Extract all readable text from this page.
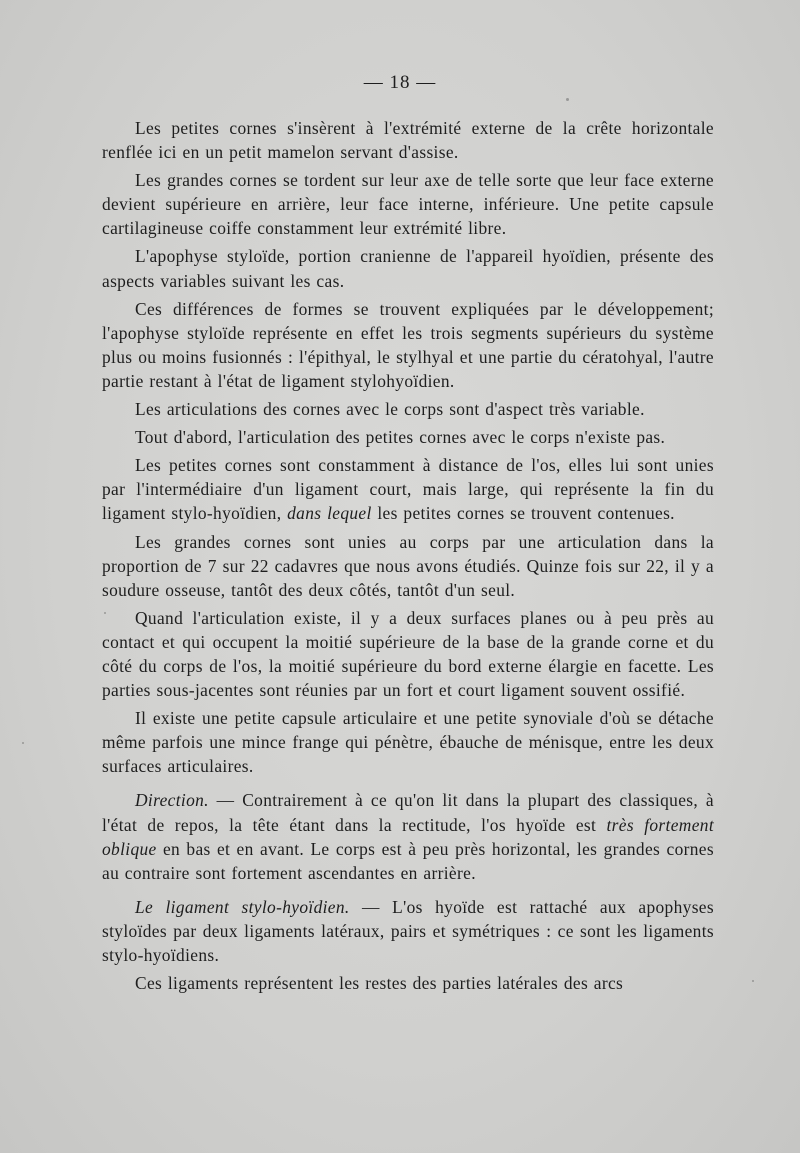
— 18 —

Les petites cornes s'insèrent à l'extrémité externe de la crête horizontale renflée ici en un petit mamelon servant d'assise.

Les grandes cornes se tordent sur leur axe de telle sorte que leur face externe devient supérieure en arrière, leur face interne, inférieure. Une petite capsule cartilagineuse coiffe constamment leur extrémité libre.

L'apophyse styloïde, portion cranienne de l'appareil hyoïdien, présente des aspects variables suivant les cas.

Ces différences de formes se trouvent expliquées par le développement; l'apophyse styloïde représente en effet les trois segments supérieurs du système plus ou moins fusionnés : l'épithyal, le stylhyal et une partie du cératohyal, l'autre partie restant à l'état de ligament stylohyoïdien.

Les articulations des cornes avec le corps sont d'aspect très variable.

Tout d'abord, l'articulation des petites cornes avec le corps n'existe pas.

Les petites cornes sont constamment à distance de l'os, elles lui sont unies par l'intermédiaire d'un ligament court, mais large, qui représente la fin du ligament stylo-hyoïdien, dans lequel les petites cornes se trouvent contenues.

Les grandes cornes sont unies au corps par une articulation dans la proportion de 7 sur 22 cadavres que nous avons étudiés. Quinze fois sur 22, il y a soudure osseuse, tantôt des deux côtés, tantôt d'un seul.

Quand l'articulation existe, il y a deux surfaces planes ou à peu près au contact et qui occupent la moitié supérieure de la base de la grande corne et du côté du corps de l'os, la moitié supérieure du bord externe élargie en facette. Les parties sous-jacentes sont réunies par un fort et court ligament souvent ossifié.

Il existe une petite capsule articulaire et une petite synoviale d'où se détache même parfois une mince frange qui pénètre, ébauche de ménisque, entre les deux surfaces articulaires.

Direction. — Contrairement à ce qu'on lit dans la plupart des classiques, à l'état de repos, la tête étant dans la rectitude, l'os hyoïde est très fortement oblique en bas et en avant. Le corps est à peu près horizontal, les grandes cornes au contraire sont fortement ascendantes en arrière.

Le ligament stylo-hyoïdien. — L'os hyoïde est rattaché aux apophyses styloïdes par deux ligaments latéraux, pairs et symétriques : ce sont les ligaments stylo-hyoïdiens.

Ces ligaments représentent les restes des parties latérales des arcs
